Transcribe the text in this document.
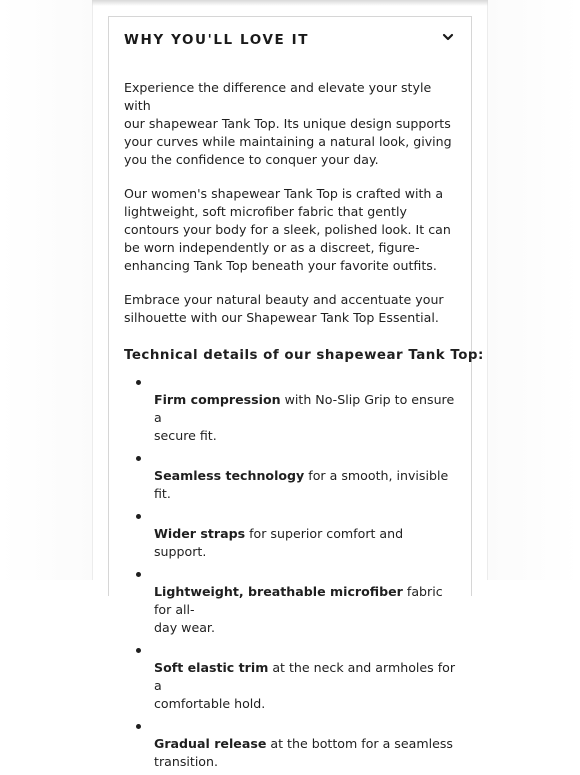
WHY YOU'LL LOVE IT

Experience the difference and elevate your style with
our shapewear Tank Top. Its unique design supports
your curves while maintaining a natural look, giving
you the confidence to conquer your day.

Our women's shapewear Tank Top is crafted with a
lightweight, soft microfiber fabric that gently
contours your body for a sleek, polished look. It can
be worn independently or as a discreet, figure-
enhancing Tank Top beneath your favorite outfits.

Embrace your natural beauty and accentuate your
silhouette with our Shapewear Tank Top Essential.

Technical details of our shapewear Tank Top:

Firm compression with No-Slip Grip to ensure a
secure fit.

Seamless technology for a smooth, invisible fit.

Wider straps for superior comfort and support.

Lightweight, breathable microfiber fabric for all-
day wear.

Soft elastic trim at the neck and armholes for a
comfortable hold.

Gradual release at the bottom for a seamless
transition.
